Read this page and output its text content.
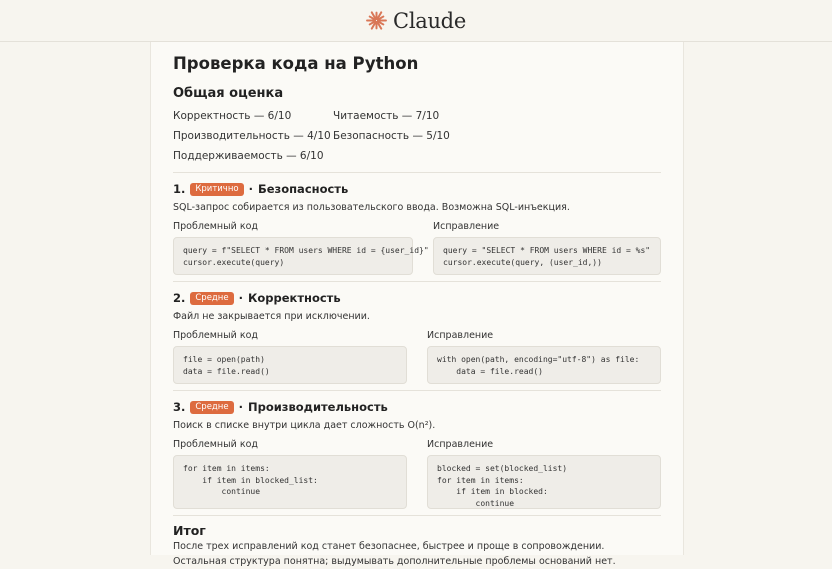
Claude
Проверка кода на Python
Общая оценка
Корректность — 6/10	Читаемость — 7/10
Производительность — 4/10 Безопасность — 5/10
Поддерживаемость — 6/10
1.	Критично · Безопасность
SQL-запрос собирается из пользовательского ввода. Возможна SQL-инъекция.
Проблемный код
query = f"SELECT * FROM users WHERE id = {user_id}"
cursor.execute(query)
Исправление
query = "SELECT * FROM users WHERE id = %s"
cursor.execute(query, (user_id,))
2.	Средне · Корректность
Файл не закрывается при исключении.
Проблемный код
file = open(path)
data = file.read()
Исправление
with open(path, encoding="utf-8") as file:
data = file.read()
3.	Средне · Производительность
Поиск в списке внутри цикла дает сложность O(n²).
Проблемный код
for item in items:
if item in blocked_list:
continue
Исправление
blocked = set(blocked_list)
for item in items:
if item in blocked:
continue
Итог
После трех исправлений код станет безопаснее, быстрее и проще в сопровождении.
Остальная структура понятна; выдумывать дополнительные проблемы оснований нет.
